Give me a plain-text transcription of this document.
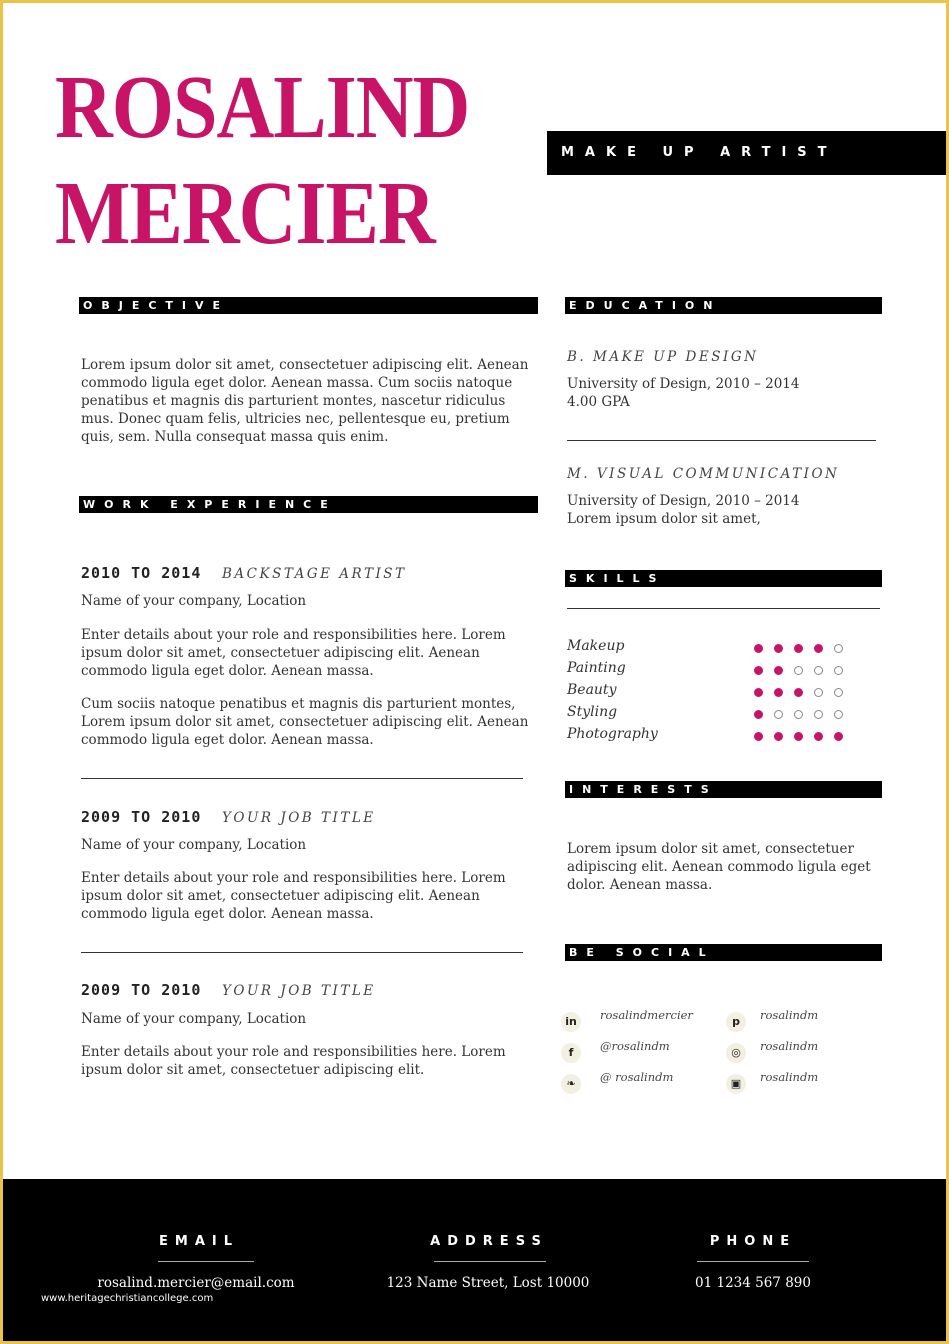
ROSALIND
MERCIER
MAKE UP ARTIST
OBJECTIVE
Lorem ipsum dolor sit amet, consectetuer adipiscing elit. Aenean commodo ligula eget dolor. Aenean massa. Cum sociis natoque penatibus et magnis dis parturient montes, nascetur ridiculus mus. Donec quam felis, ultricies nec, pellentesque eu, pretium quis, sem. Nulla consequat massa quis enim.
WORK EXPERIENCE
2010 TO 2014 BACKSTAGE ARTIST
Name of your company, Location
Enter details about your role and responsibilities here. Lorem ipsum dolor sit amet, consectetuer adipiscing elit. Aenean commodo ligula eget dolor. Aenean massa.
Cum sociis natoque penatibus et magnis dis parturient montes, Lorem ipsum dolor sit amet, consectetuer adipiscing elit. Aenean commodo ligula eget dolor. Aenean massa.
2009 TO 2010 YOUR JOB TITLE
Name of your company, Location
Enter details about your role and responsibilities here. Lorem ipsum dolor sit amet, consectetuer adipiscing elit. Aenean commodo ligula eget dolor. Aenean massa.
2009 TO 2010 YOUR JOB TITLE
Name of your company, Location
Enter details about your role and responsibilities here. Lorem ipsum dolor sit amet, consectetuer adipiscing elit.
EDUCATION
B. MAKE UP DESIGN
University of Design, 2010 – 2014
4.00 GPA
M. VISUAL COMMUNICATION
University of Design, 2010 – 2014
Lorem ipsum dolor sit amet,
SKILLS
INTERESTS
Lorem ipsum dolor sit amet, consectetuer adipiscing elit. Aenean commodo ligula eget dolor. Aenean massa.
BE SOCIAL
EMAIL
rosalind.mercier@email.com
ADDRESS
123 Name Street, Lost 10000
PHONE
01 1234 567 890
www.heritagechristiancollege.com
Makeup
Painting
Beauty
Styling
Photography
in	rosalindmercier
f	@rosalindm
❧	@ rosalindm
p	rosalindm
◎	rosalindm
▣	rosalindm
